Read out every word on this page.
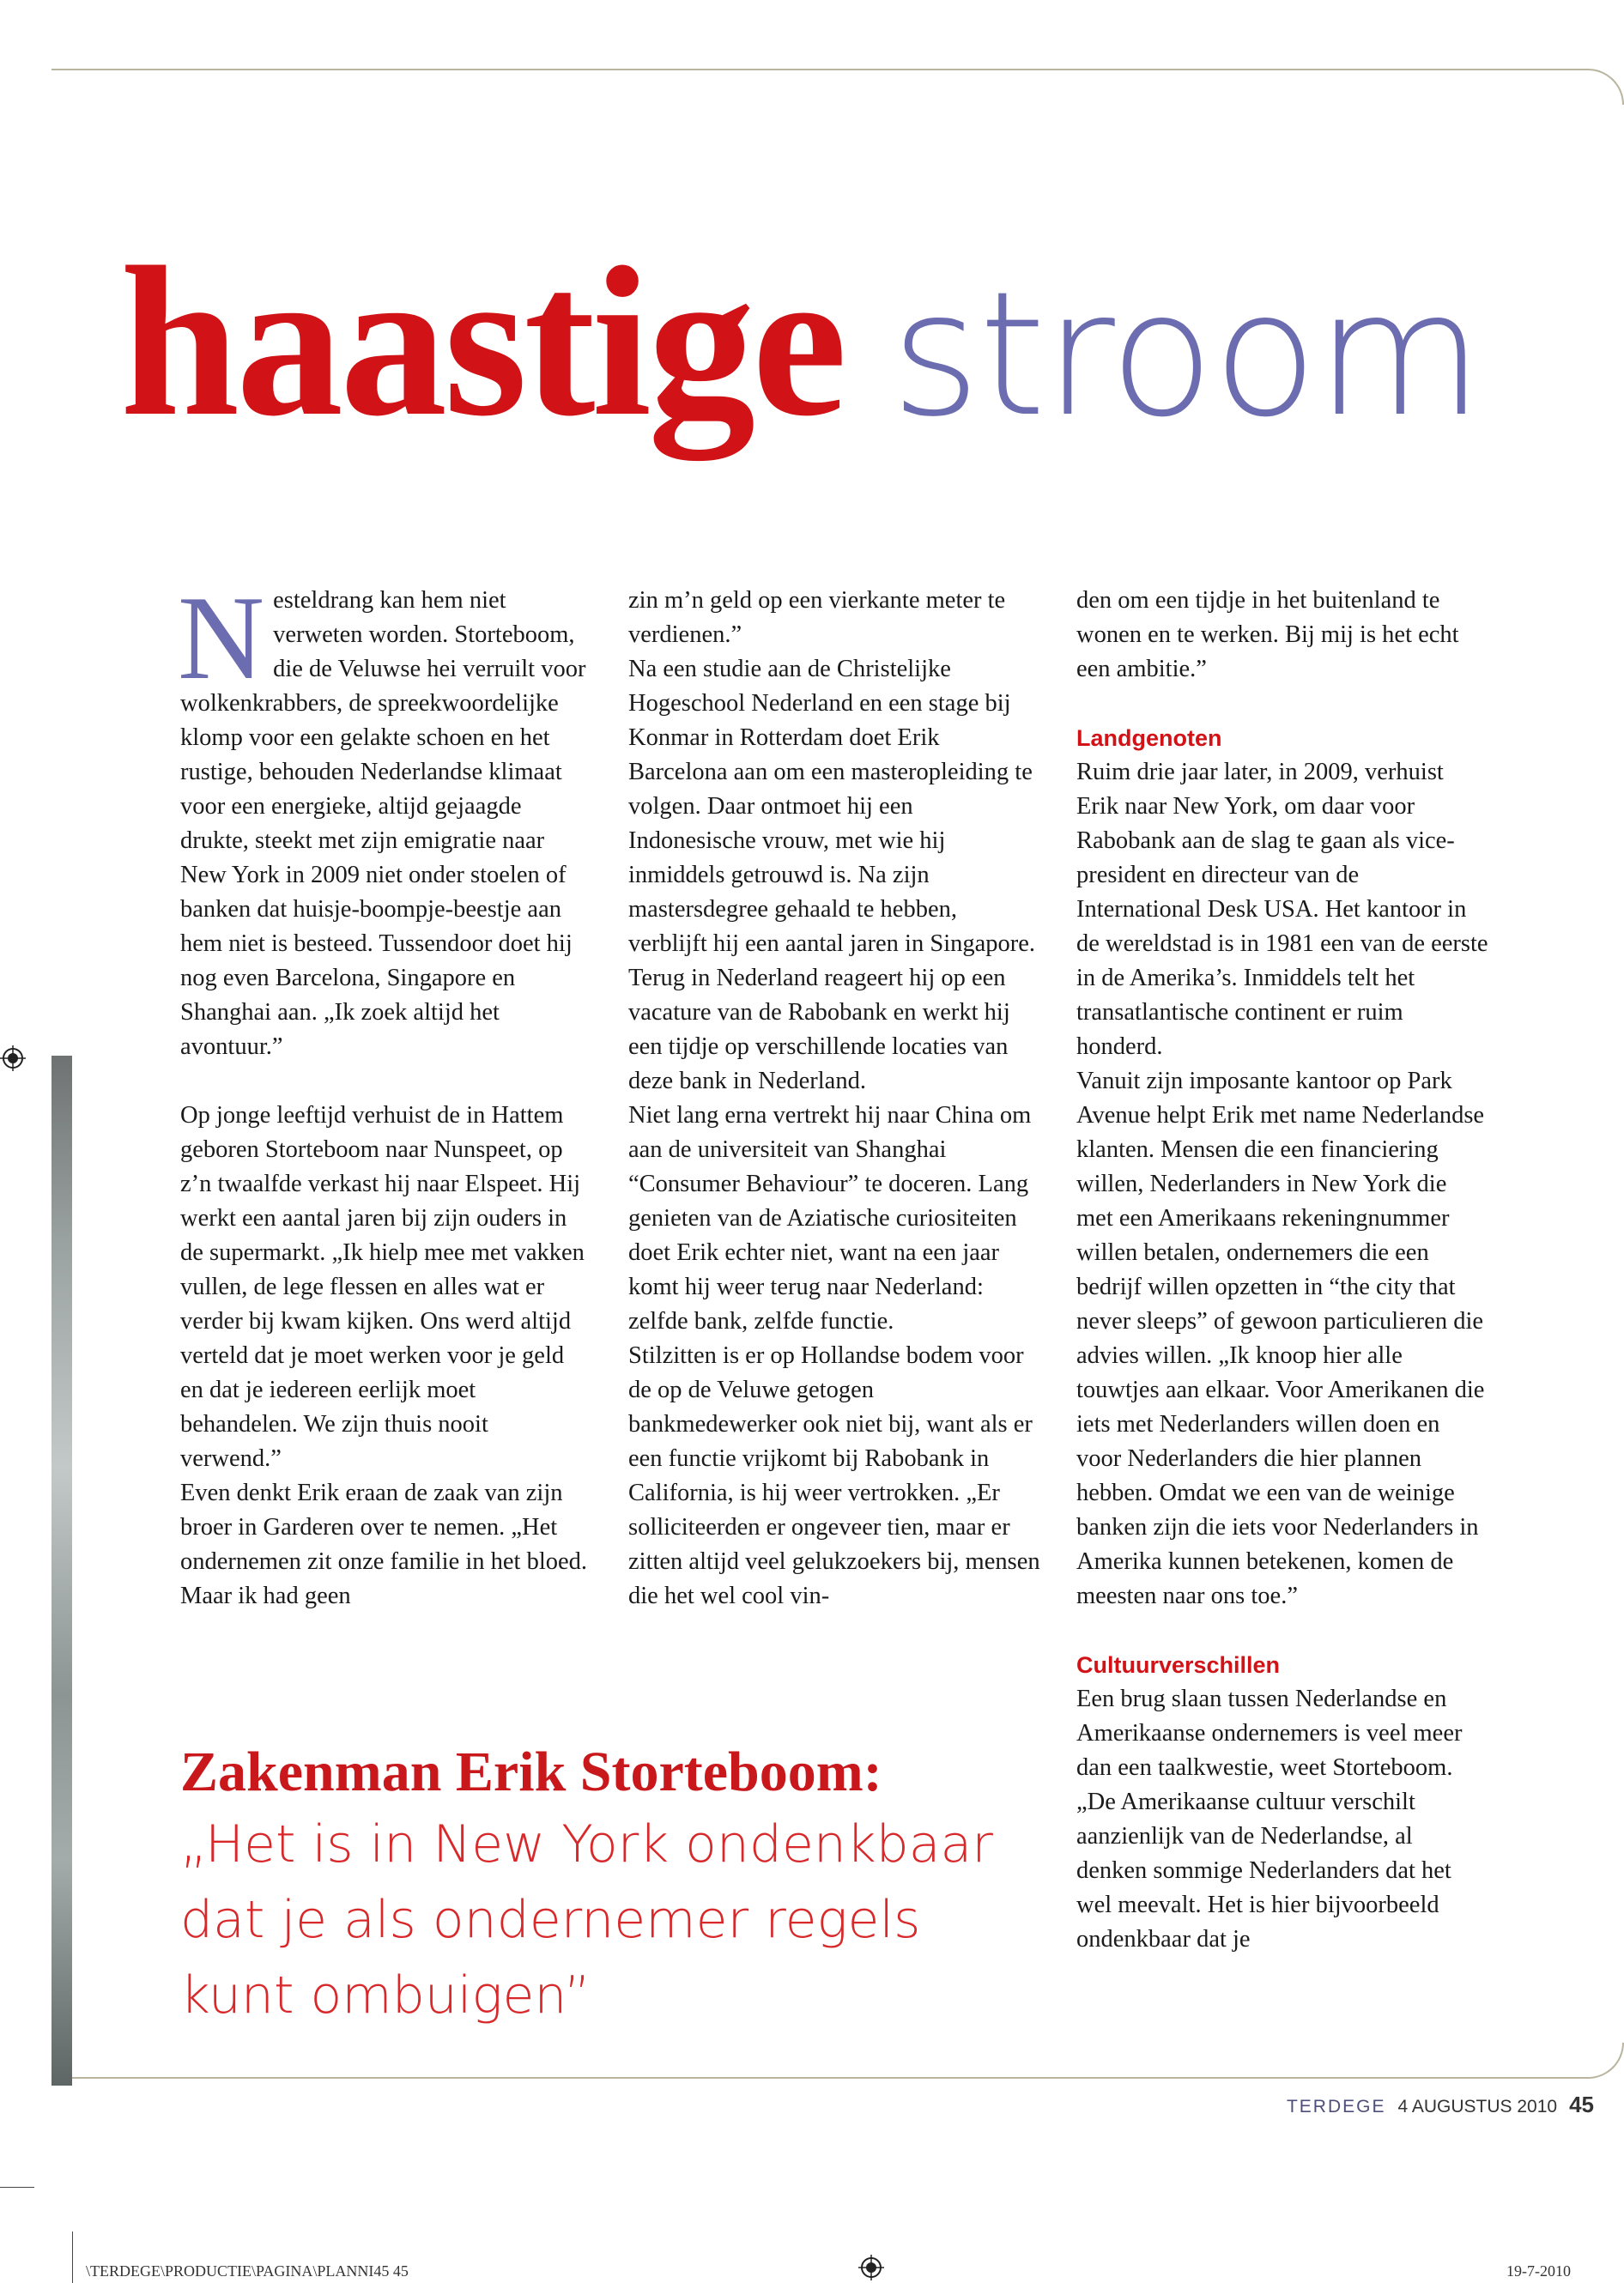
haastige stroom

Nesteldrang kan hem niet verweten worden. Storteboom, die de Veluwse hei verruilt voor wolkenkrabbers, de spreekwoordelijke klomp voor een gelakte schoen en het rustige, behouden Nederlandse klimaat voor een energieke, altijd gejaagde drukte, steekt met zijn emigratie naar New York in 2009 niet onder stoelen of banken dat huisje-boompje-beestje aan hem niet is besteed. Tussendoor doet hij nog even Barcelona, Singapore en Shanghai aan. „Ik zoek altijd het avontuur.”

Op jonge leeftijd verhuist de in Hattem geboren Storteboom naar Nunspeet, op z’n twaalfde verkast hij naar Elspeet. Hij werkt een aantal jaren bij zijn ouders in de supermarkt. „Ik hielp mee met vakken vullen, de lege flessen en alles wat er verder bij kwam kijken. Ons werd altijd verteld dat je moet werken voor je geld en dat je iedereen eerlijk moet behandelen. We zijn thuis nooit verwend.”

Even denkt Erik eraan de zaak van zijn broer in Garderen over te nemen. „Het ondernemen zit onze familie in het bloed. Maar ik had geen

zin m’n geld op een vierkante meter te verdienen.”

Na een studie aan de Christelijke Hogeschool Nederland en een stage bij Konmar in Rotterdam doet Erik Barcelona aan om een masteropleiding te volgen. Daar ontmoet hij een Indonesische vrouw, met wie hij inmiddels getrouwd is. Na zijn mastersdegree gehaald te hebben, verblijft hij een aantal jaren in Singapore. Terug in Nederland reageert hij op een vacature van de Rabobank en werkt hij een tijdje op verschillende locaties van deze bank in Nederland.

Niet lang erna vertrekt hij naar China om aan de universiteit van Shanghai “Consumer Behaviour” te doceren. Lang genieten van de Aziatische curiositeiten doet Erik echter niet, want na een jaar komt hij weer terug naar Nederland: zelfde bank, zelfde functie.

Stilzitten is er op Hollandse bodem voor de op de Veluwe getogen bankmedewerker ook niet bij, want als er een functie vrijkomt bij Rabobank in California, is hij weer vertrokken. „Er solliciteerden er ongeveer tien, maar er zitten altijd veel gelukzoekers bij, mensen die het wel cool vin-

den om een tijdje in het buitenland te wonen en te werken. Bij mij is het echt een ambitie.”

Landgenoten

Ruim drie jaar later, in 2009, verhuist Erik naar New York, om daar voor Rabobank aan de slag te gaan als vice-president en directeur van de International Desk USA. Het kantoor in de wereldstad is in 1981 een van de eerste in de Amerika’s. Inmiddels telt het transatlantische continent er ruim honderd.

Vanuit zijn imposante kantoor op Park Avenue helpt Erik met name Nederlandse klanten. Mensen die een financiering willen, Nederlanders in New York die met een Amerikaans rekeningnummer willen betalen, ondernemers die een bedrijf willen opzetten in “the city that never sleeps” of gewoon particulieren die advies willen. „Ik knoop hier alle touwtjes aan elkaar. Voor Amerikanen die iets met Nederlanders willen doen en voor Nederlanders die hier plannen hebben. Omdat we een van de weinige banken zijn die iets voor Nederlanders in Amerika kunnen betekenen, komen de meesten naar ons toe.”

Cultuurverschillen

Een brug slaan tussen Nederlandse en Amerikaanse ondernemers is veel meer dan een taalkwestie, weet Storteboom. „De Amerikaanse cultuur verschilt aanzienlijk van de Nederlandse, al denken sommige Nederlanders dat het wel meevalt. Het is hier bijvoorbeeld ondenkbaar dat je

Zakenman Erik Storteboom:

„Het is in New York ondenkbaar

dat je als ondernemer regels

kunt ombuigen”

TERDEGE 4 AUGUSTUS 2010 45
\TERDEGE\PRODUCTIE\PAGINA\PLANNI45 45	19-7-2010
